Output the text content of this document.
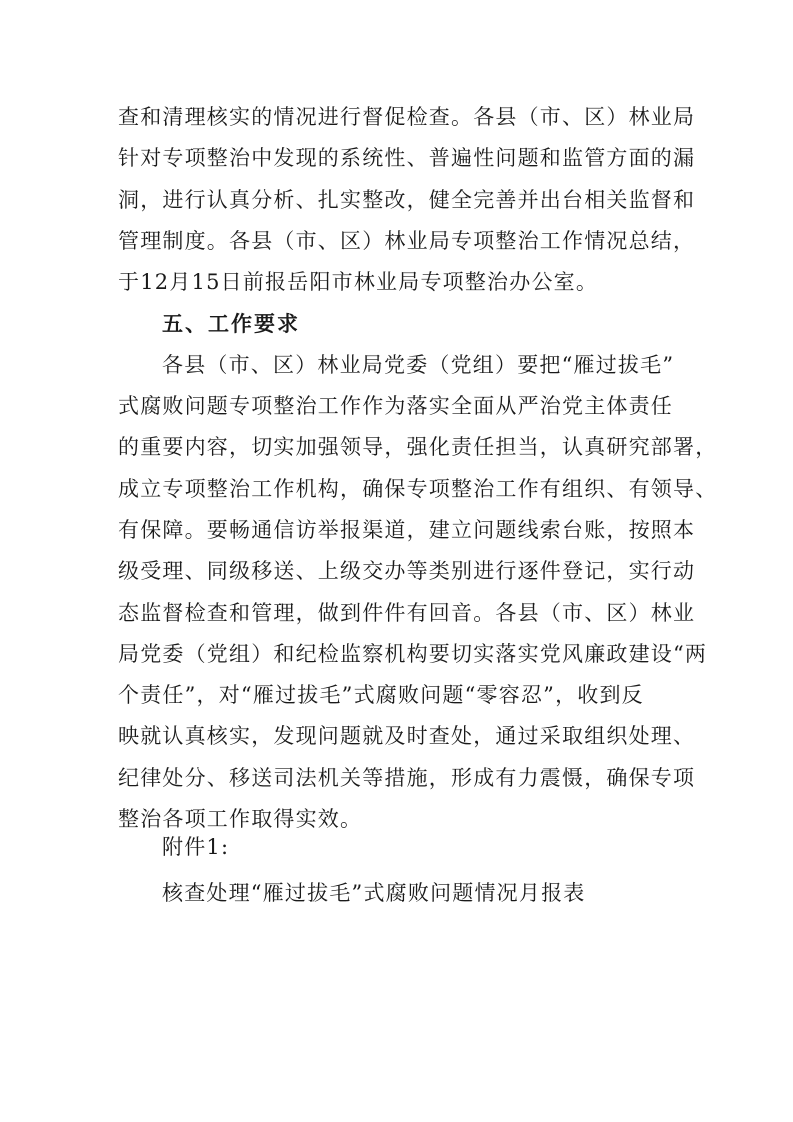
查和清理核实的情况进行督促检查。各县（市、区）林业局
针对专项整治中发现的系统性、普遍性问题和监管方面的漏
洞，进行认真分析、扎实整改，健全完善并出台相关监督和
管理制度。各县（市、区）林业局专项整治工作情况总结，
于12月15日前报岳阳市林业局专项整治办公室。
五、工作要求
各县（市、区）林业局党委（党组）要把“雁过拔毛”
式腐败问题专项整治工作作为落实全面从严治党主体责任
的重要内容，切实加强领导，强化责任担当，认真研究部署，
成立专项整治工作机构，确保专项整治工作有组织、有领导、
有保障。要畅通信访举报渠道，建立问题线索台账，按照本
级受理、同级移送、上级交办等类别进行逐件登记，实行动
态监督检查和管理，做到件件有回音。各县（市、区）林业
局党委（党组）和纪检监察机构要切实落实党风廉政建设“两
个责任”，对“雁过拔毛”式腐败问题“零容忍”，收到反
映就认真核实，发现问题就及时查处，通过采取组织处理、
纪律处分、移送司法机关等措施，形成有力震慑，确保专项
整治各项工作取得实效。
附件1:
核查处理“雁过拔毛”式腐败问题情况月报表
